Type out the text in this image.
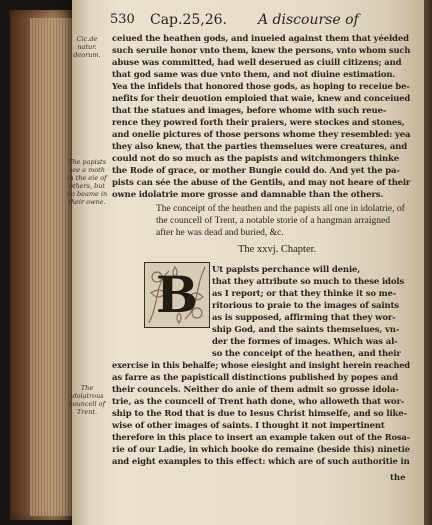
530 Cap.25,26. A discourse of
Cic.de natur. deorum.
The papists see a moth in the eie of others, but no beame in their owne.
The idolatrous councell of Trent.
ceiued the heathen gods, and inueied against them that yéelded
such seruile honor vnto them, knew the persons, vnto whom such
abuse was committed, had well deserued as ciuill citizens; and
that god same was due vnto them, and not diuine estimation.
Yea the infidels that honored those gods, as hoping to receiue be-
nefits for their deuotion emploied that waie, knew and conceiued
that the statues and images, before whome with such reue-
rence they powred forth their praiers, were stockes and stones,
and onelie pictures of those persons whome they resembled: yea
they also knew, that the parties themselues were creatures, and
could not do so much as the papists and witchmongers thinke
the Rode of grace, or mother Bungie could do. And yet the pa-
pists can sée the abuse of the Gentils, and may not heare of their
owne idolatrie more grosse and damnable than the others.
The conceipt of the heathen and the papists all one in idolatrie, of the councell of Trent, a notable storie of a hangman arraigned after he was dead and buried, &c.
The xxvj. Chapter.
B	Ut papists perchance will denie,
that they attribute so much to these idols
as I report; or that they thinke it so me-
ritorious to praie to the images of saints
as is supposed, affirming that they wor-
ship God, and the saints themselues, vn-
der the formes of images. Which was al-
so the conceipt of the heathen, and their
exercise in this behalfe; whose eiesight and insight herein reached
as farre as the papisticall distinctions published by popes and
their councels. Neither do anie of them admit so grosse idola-
trie, as the councell of Trent hath done, who alloweth that wor-
ship to the Rod that is due to Iesus Christ himselfe, and so like-
wise of other images of saints. I thought it not impertinent
therefore in this place to insert an example taken out of the Rosa-
rie of our Ladie, in which booke do remaine (beside this) ninetie
and eight examples to this effect: which are of such authoritie in
the
